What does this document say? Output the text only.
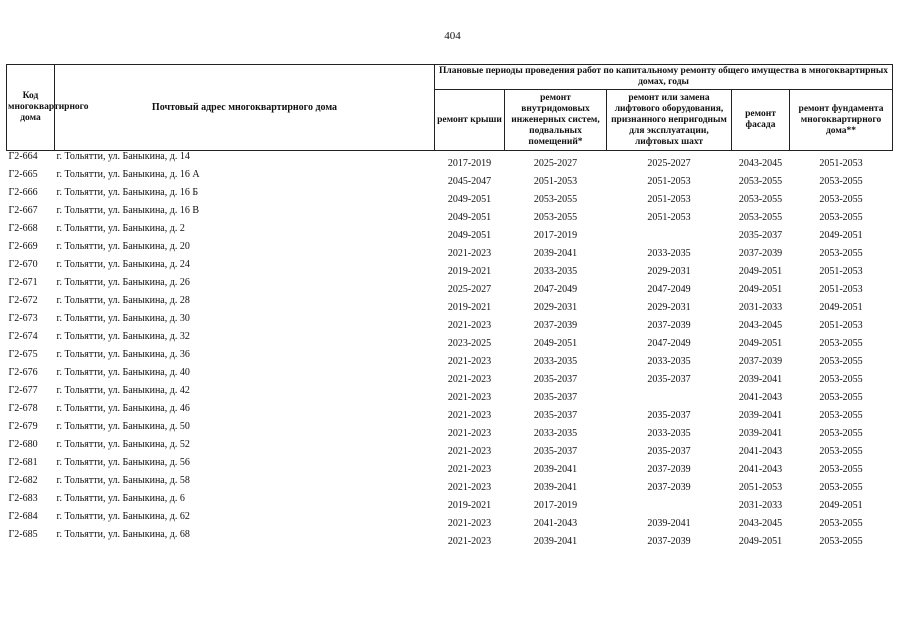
404
Код многоквартирного дома	Почтовый адрес многоквартирного дома	Плановые периоды проведения работ по капитальному ремонту общего имущества в многоквартирных домах, годы				
		ремонт крыши	ремонт внутридомовых инженерных систем, подвальных помещений*	ремонт или замена лифтового оборудования, признанного непригодным для эксплуатации, лифтовых шахт	ремонт фасада	ремонт фундамента многоквартирного дома**
Г2-664	г. Тольятти, ул. Баныкина, д. 14	2017-2019	2025-2027	2025-2027	2043-2045	2051-2053
Г2-665	г. Тольятти, ул. Баныкина, д. 16 А	2045-2047	2051-2053	2051-2053	2053-2055	2053-2055
Г2-666	г. Тольятти, ул. Баныкина, д. 16 Б	2049-2051	2053-2055	2051-2053	2053-2055	2053-2055
Г2-667	г. Тольятти, ул. Баныкина, д. 16 В	2049-2051	2053-2055	2051-2053	2053-2055	2053-2055
Г2-668	г. Тольятти, ул. Баныкина, д. 2	2049-2051	2017-2019		2035-2037	2049-2051
Г2-669	г. Тольятти, ул. Баныкина, д. 20	2021-2023	2039-2041	2033-2035	2037-2039	2053-2055
Г2-670	г. Тольятти, ул. Баныкина, д. 24	2019-2021	2033-2035	2029-2031	2049-2051	2051-2053
Г2-671	г. Тольятти, ул. Баныкина, д. 26	2025-2027	2047-2049	2047-2049	2049-2051	2051-2053
Г2-672	г. Тольятти, ул. Баныкина, д. 28	2019-2021	2029-2031	2029-2031	2031-2033	2049-2051
Г2-673	г. Тольятти, ул. Баныкина, д. 30	2021-2023	2037-2039	2037-2039	2043-2045	2051-2053
Г2-674	г. Тольятти, ул. Баныкина, д. 32	2023-2025	2049-2051	2047-2049	2049-2051	2053-2055
Г2-675	г. Тольятти, ул. Баныкина, д. 36	2021-2023	2033-2035	2033-2035	2037-2039	2053-2055
Г2-676	г. Тольятти, ул. Баныкина, д. 40	2021-2023	2035-2037	2035-2037	2039-2041	2053-2055
Г2-677	г. Тольятти, ул. Баныкина, д. 42	2021-2023	2035-2037		2041-2043	2053-2055
Г2-678	г. Тольятти, ул. Баныкина, д. 46	2021-2023	2035-2037	2035-2037	2039-2041	2053-2055
Г2-679	г. Тольятти, ул. Баныкина, д. 50	2021-2023	2033-2035	2033-2035	2039-2041	2053-2055
Г2-680	г. Тольятти, ул. Баныкина, д. 52	2021-2023	2035-2037	2035-2037	2041-2043	2053-2055
Г2-681	г. Тольятти, ул. Баныкина, д. 56	2021-2023	2039-2041	2037-2039	2041-2043	2053-2055
Г2-682	г. Тольятти, ул. Баныкина, д. 58	2021-2023	2039-2041	2037-2039	2051-2053	2053-2055
Г2-683	г. Тольятти, ул. Баныкина, д. 6	2019-2021	2017-2019		2031-2033	2049-2051
Г2-684	г. Тольятти, ул. Баныкина, д. 62	2021-2023	2041-2043	2039-2041	2043-2045	2053-2055
Г2-685	г. Тольятти, ул. Баныкина, д. 68	2021-2023	2039-2041	2037-2039	2049-2051	2053-2055
